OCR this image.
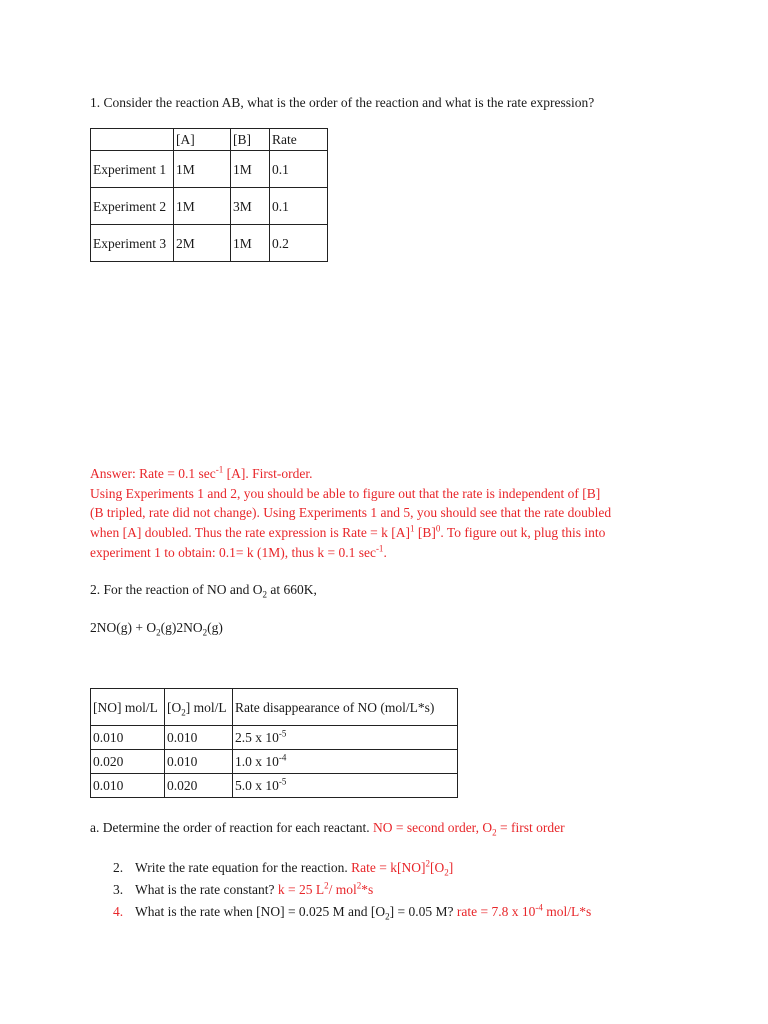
1. Consider the reaction AB, what is the order of the reaction and what is the rate expression?
	[A]	[B]	Rate
Experiment 1	1M	1M	0.1
Experiment 2	1M	3M	0.1
Experiment 3	2M	1M	0.2
Answer: Rate = 0.1 $\sec^{-1} [A]$. First-order.
Using Experiments 1 and 2, you should be able to figure out that the rate is independent of [B]
(B tripled, rate did not change). Using Experiments 1 and 5, you should see that the rate doubled
when [A] doubled. Thus the rate expression is Rate = k $[A]^1$ $[B]^0$. To figure out k, plug this into
experiment 1 to obtain: 0.1= k (1M), thus k = 0.1 $\sec^{-1}$.
2. For the reaction of NO and $O_2$ at 660K,
$2NO(g) + O_2(g)2NO_2(g)$
[NO] mol/L	$[O_2]$ mol/L	Rate disappearance of NO (mol/L*s)
0.010	0.010	2.5 x $10^{-5}$
0.020	0.010	1.0 x $10^{-4}$
0.010	0.020	5.0 x $10^{-5}$
a. Determine the order of reaction for each reactant. NO = second order, $O_2$ = first order
2. Write the rate equation for the reaction. Rate = $k[NO]^2[O_2]$
3. What is the rate constant? k = 25 $L^2/$ mol$^2$*s
4. What is the rate when [NO] = 0.025 M and $[O_2] = 0.05$ M? rate = 7.8 x $10^{-4}$ mol/L*s
